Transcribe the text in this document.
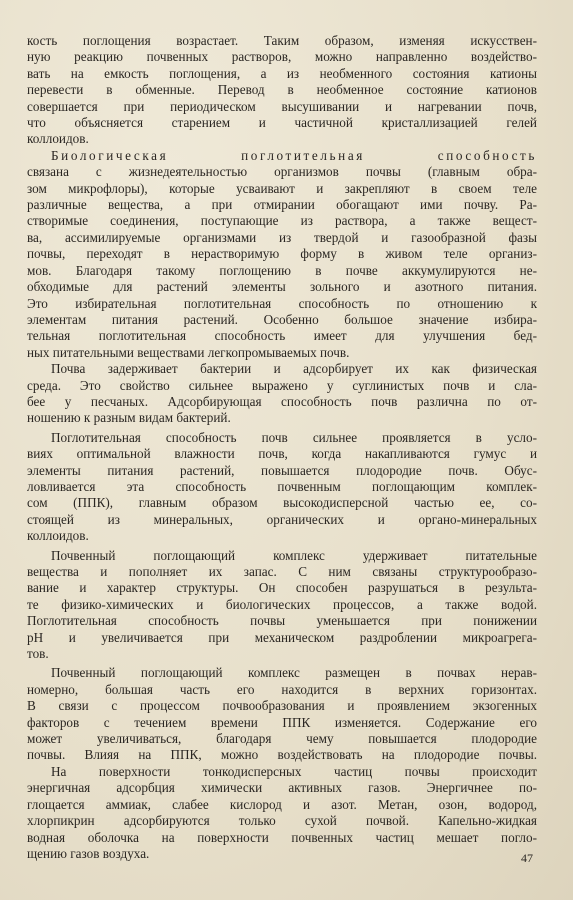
кость поглощения возрастает. Таким образом, изменяя искусствен-
ную реакцию почвенных растворов, можно направленно воздейство-
вать на емкость поглощения, а из необменного состояния катионы
перевести в обменные. Перевод в необменное состояние катионов
совершается при периодическом высушивании и нагревании почв,
что объясняется старением и частичной кристаллизацией гелей
коллоидов.
Биологическая поглотительная способность
связана с жизнедеятельностью организмов почвы (главным обра-
зом микрофлоры), которые усваивают и закрепляют в своем теле
различные вещества, а при отмирании обогащают ими почву. Ра-
створимые соединения, поступающие из раствора, а также вещест-
ва, ассимилируемые организмами из твердой и газообразной фазы
почвы, переходят в нерастворимую форму в живом теле организ-
мов. Благодаря такому поглощению в почве аккумулируются не-
обходимые для растений элементы зольного и азотного питания.
Это избирательная поглотительная способность по отношению к
элементам питания растений. Особенно большое значение избира-
тельная поглотительная способность имеет для улучшения бед-
ных питательными веществами легкопромываемых почв.
Почва задерживает бактерии и адсорбирует их как физическая
среда. Это свойство сильнее выражено у суглинистых почв и сла-
бее у песчаных. Адсорбирующая способность почв различна по от-
ношению к разным видам бактерий.
Поглотительная способность почв сильнее проявляется в усло-
виях оптимальной влажности почв, когда накапливаются гумус и
элементы питания растений, повышается плодородие почв. Обус-
ловливается эта способность почвенным поглощающим комплек-
сом (ППК), главным образом высокодисперсной частью ее, со-
стоящей из минеральных, органических и органо-минеральных
коллоидов.
Почвенный поглощающий комплекс удерживает питательные
вещества и пополняет их запас. С ним связаны структурообразо-
вание и характер структуры. Он способен разрушаться в результа-
те физико-химических и биологических процессов, а также водой.
Поглотительная способность почвы уменьшается при понижении
pH и увеличивается при механическом раздроблении микроагрега-
тов.
Почвенный поглощающий комплекс размещен в почвах нерав-
номерно, большая часть его находится в верхних горизонтах.
В связи с процессом почвообразования и проявлением экзогенных
факторов с течением времени ППК изменяется. Содержание его
может увеличиваться, благодаря чему повышается плодородие
почвы. Влияя на ППК, можно воздействовать на плодородие почвы.
На поверхности тонкодисперсных частиц почвы происходит
энергичная адсорбция химически активных газов. Энергичнее по-
глощается аммиак, слабее кислород и азот. Метан, озон, водород,
хлорпикрин адсорбируются только сухой почвой. Капельно-жидкая
водная оболочка на поверхности почвенных частиц мешает погло-
щению газов воздуха.	47
